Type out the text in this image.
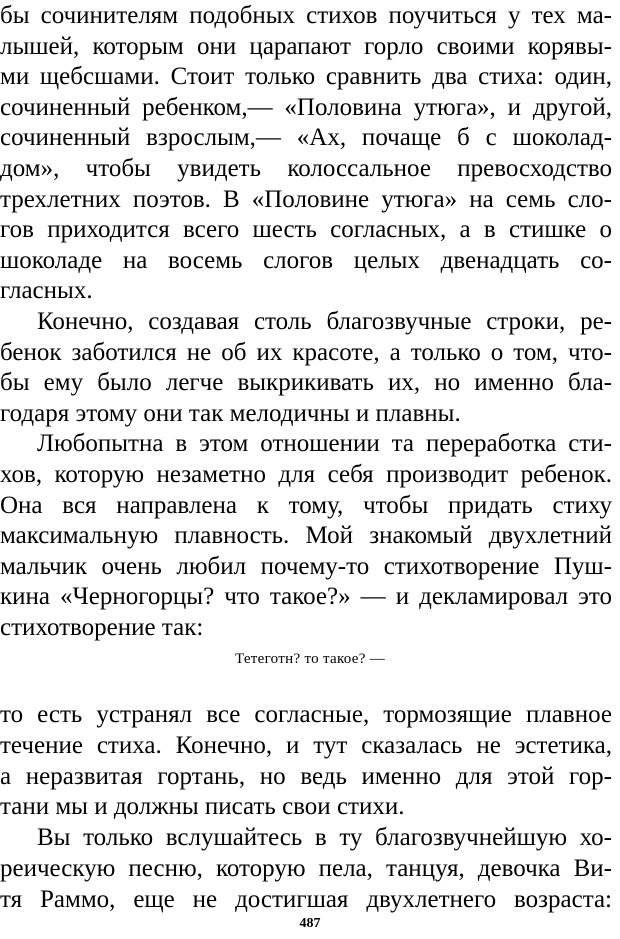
бы сочинителям подобных стихов поучиться у тех ма-
лышей, которым они царапают горло своими корявы-
ми щебсшами. Стоит только сравнить два стиха: один,
сочиненный ребенком,— «Половина утюга», и другой,
сочиненный взрослым,— «Ах, почаще б с шоколад-
дом», чтобы увидеть колоссальное превосходство
трехлетних поэтов. В «Половине утюга» на семь сло-
гов приходится всего шесть согласных, а в стишке о
шоколаде на восемь слогов целых двенадцать со-
гласных.
Конечно, создавая столь благозвучные строки, ре-
бенок заботился не об их красоте, а только о том, что-
бы ему было легче выкрикивать их, но именно бла-
годаря этому они так мелодичны и плавны.
Любопытна в этом отношении та переработка сти-
хов, которую незаметно для себя производит ребенок.
Она вся направлена к тому, чтобы придать стиху
максимальную плавность. Мой знакомый двухлетний
мальчик очень любил почему-то стихотворение Пуш-
кина «Черногорцы? что такое?» — и декламировал это
Тетеготн? то такое? —
то есть устранял все согласные, тормозящие плавное
течение стиха. Конечно, и тут сказалась не эстетика,
а неразвитая гортань, но ведь именно для этой гор-
тани мы и должны писать свои стихи.
Вы только вслушайтесь в ту благозвучнейшую хо-
реическую песню, которую пела, танцуя, девочка Ви-
тя Раммо, еще не достигшая двухлетнего возраста:
487
стихотворение так:
